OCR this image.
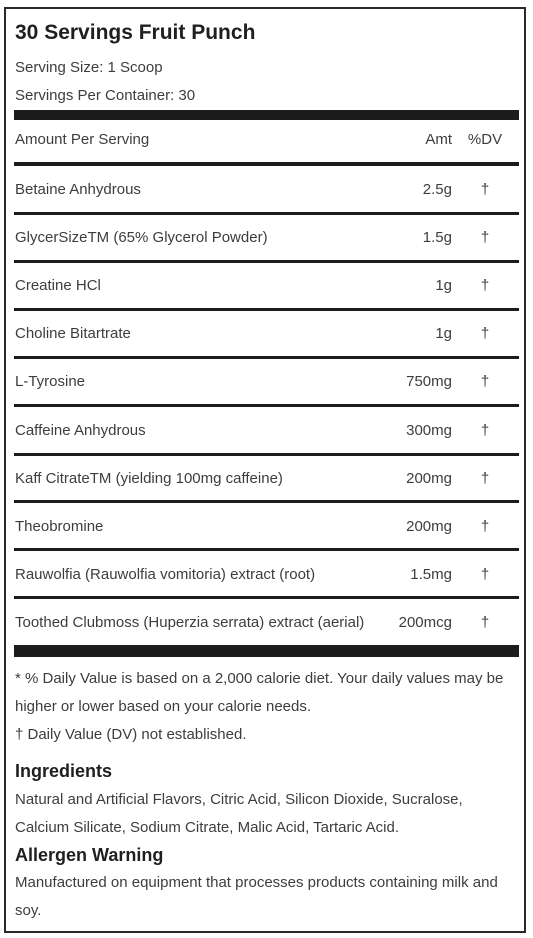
30 Servings Fruit Punch
Serving Size: 1 Scoop
Servings Per Container: 30
Amount Per Serving	Amt %DV
Betaine Anhydrous	2.5g	†
GlycerSizeTM (65% Glycerol Powder)	1.5g	†
Creatine HCl	1g	†
Choline Bitartrate	1g	†
L-Tyrosine	750mg	†
Caffeine Anhydrous	300mg	†
Kaff CitrateTM (yielding 100mg caffeine)	200mg	†
Theobromine	200mg	†
Rauwolfia (Rauwolfia vomitoria) extract (root)	1.5mg	†
Toothed Clubmoss (Huperzia serrata) extract (aerial) 200mcg	†
* % Daily Value is based on a 2,000 calorie diet. Your daily values may be higher or lower based on your calorie needs.
† Daily Value (DV) not established.
Ingredients
Natural and Artificial Flavors, Citric Acid, Silicon Dioxide, Sucralose, Calcium Silicate, Sodium Citrate, Malic Acid, Tartaric Acid.
Allergen Warning
Manufactured on equipment that processes products containing milk and soy.
